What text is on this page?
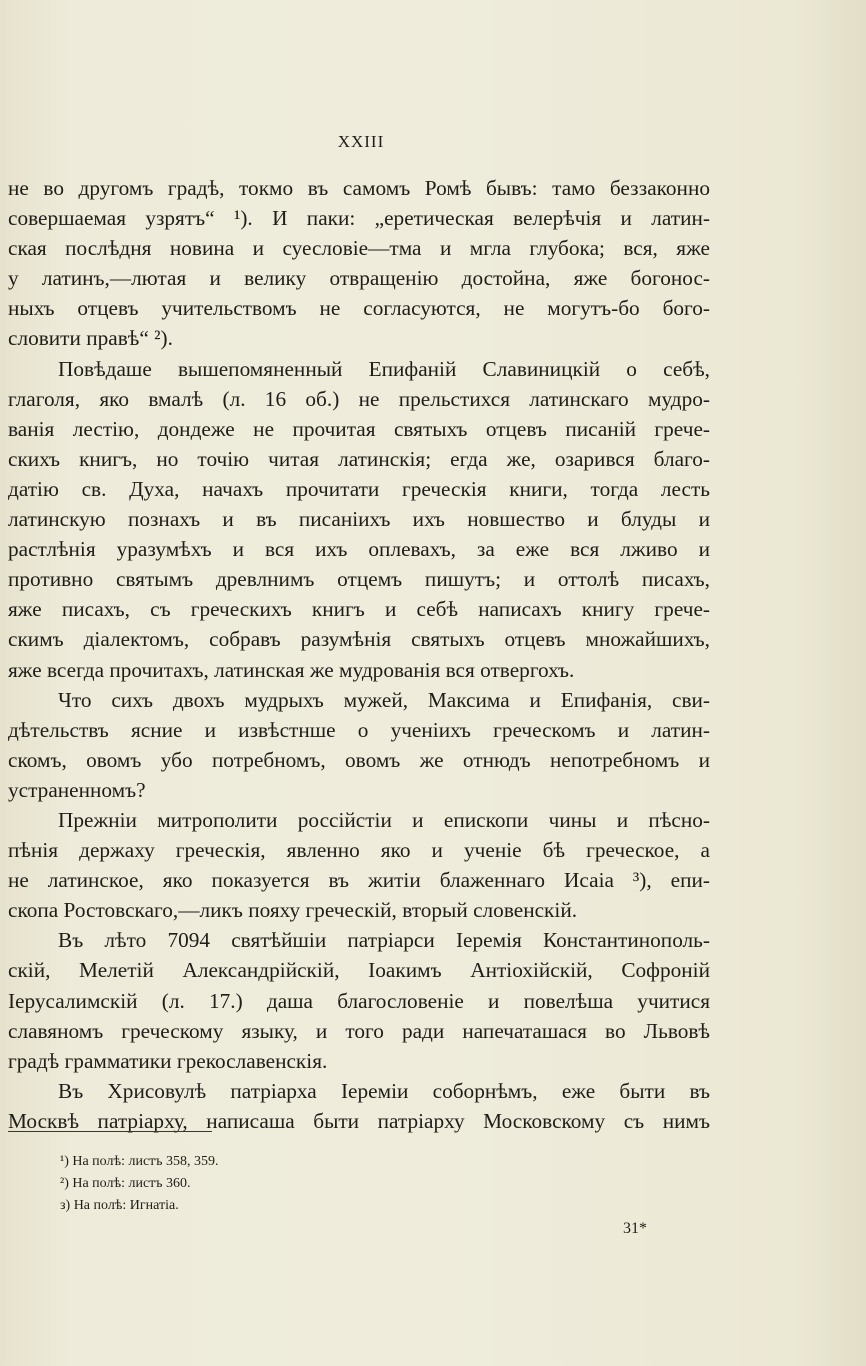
XXIII
не во другомъ градѣ, токмо въ самомъ Ромѣ бывъ: тамо беззаконно
совершаемая узрятъ“ ¹). И паки: „еретическая велерѣчія и латин-
ская послѣдня новина и суесловіе—тма и мгла глубока; вся, яже
у латинъ,—лютая и велику отвращенію достойна, яже богонос-
ныхъ отцевъ учительствомъ не согласуются, не могутъ-бо бого-
словити правѣ“ ²).
Повѣдаше вышепомяненный Епифаній Славиницкій о себѣ,
глаголя, яко вмалѣ (л. 16 об.) не прельстихся латинскаго мудро-
ванія лестію, дондеже не прочитая святыхъ отцевъ писаній грече-
скихъ книгъ, но точію читая латинскія; егда же, озарився благо-
датію св. Духа, начахъ прочитати греческія книги, тогда лесть
латинскую познахъ и въ писаніихъ ихъ новшество и блуды и
растлѣнія уразумѣхъ и вся ихъ оплевахъ, за еже вся лживо и
противно святымъ древлнимъ отцемъ пишутъ; и оттолѣ писахъ,
яже писахъ, съ греческихъ книгъ и себѣ написахъ книгу грече-
скимъ діалектомъ, собравъ разумѣнія святыхъ отцевъ множайшихъ,
яже всегда прочитахъ, латинская же мудрованія вся отвергохъ.
Что сихъ двохъ мудрыхъ мужей, Максима и Епифанія, сви-
дѣтельствъ ясние и извѣстнше о ученіихъ греческомъ и латин-
скомъ, овомъ убо потребномъ, овомъ же отнюдъ непотребномъ и
устраненномъ?
Прежніи митрополити россійстіи и епископи чины и пѣсно-
пѣнія держаху греческія, явленно яко и ученіе бѣ греческое, а
не латинское, яко показуется въ житіи блаженнаго Исаіа ³), епи-
скопа Ростовскаго,—ликъ пояху греческій, вторый словенскій.
Въ лѣто 7094 святѣйшіи патріарси Іеремія Константинополь-
скій, Мелетій Александрійскій, Іоакимъ Антіохійскій, Софроній
Іерусалимскій (л. 17.) даша благословеніе и повелѣша учитися
славяномъ греческому языку, и того ради напечаташася во Львовѣ
градѣ грамматики грекославенскія.
Въ Хрисовулѣ патріарха Іереміи соборнѣмъ, еже быти въ
Москвѣ патріарху, написаша быти патріарху Московскому съ нимъ
¹) На полѣ: листъ 358, 359.
²) На полѣ: листъ 360.
з) На полѣ: Игнатіа.
31*
